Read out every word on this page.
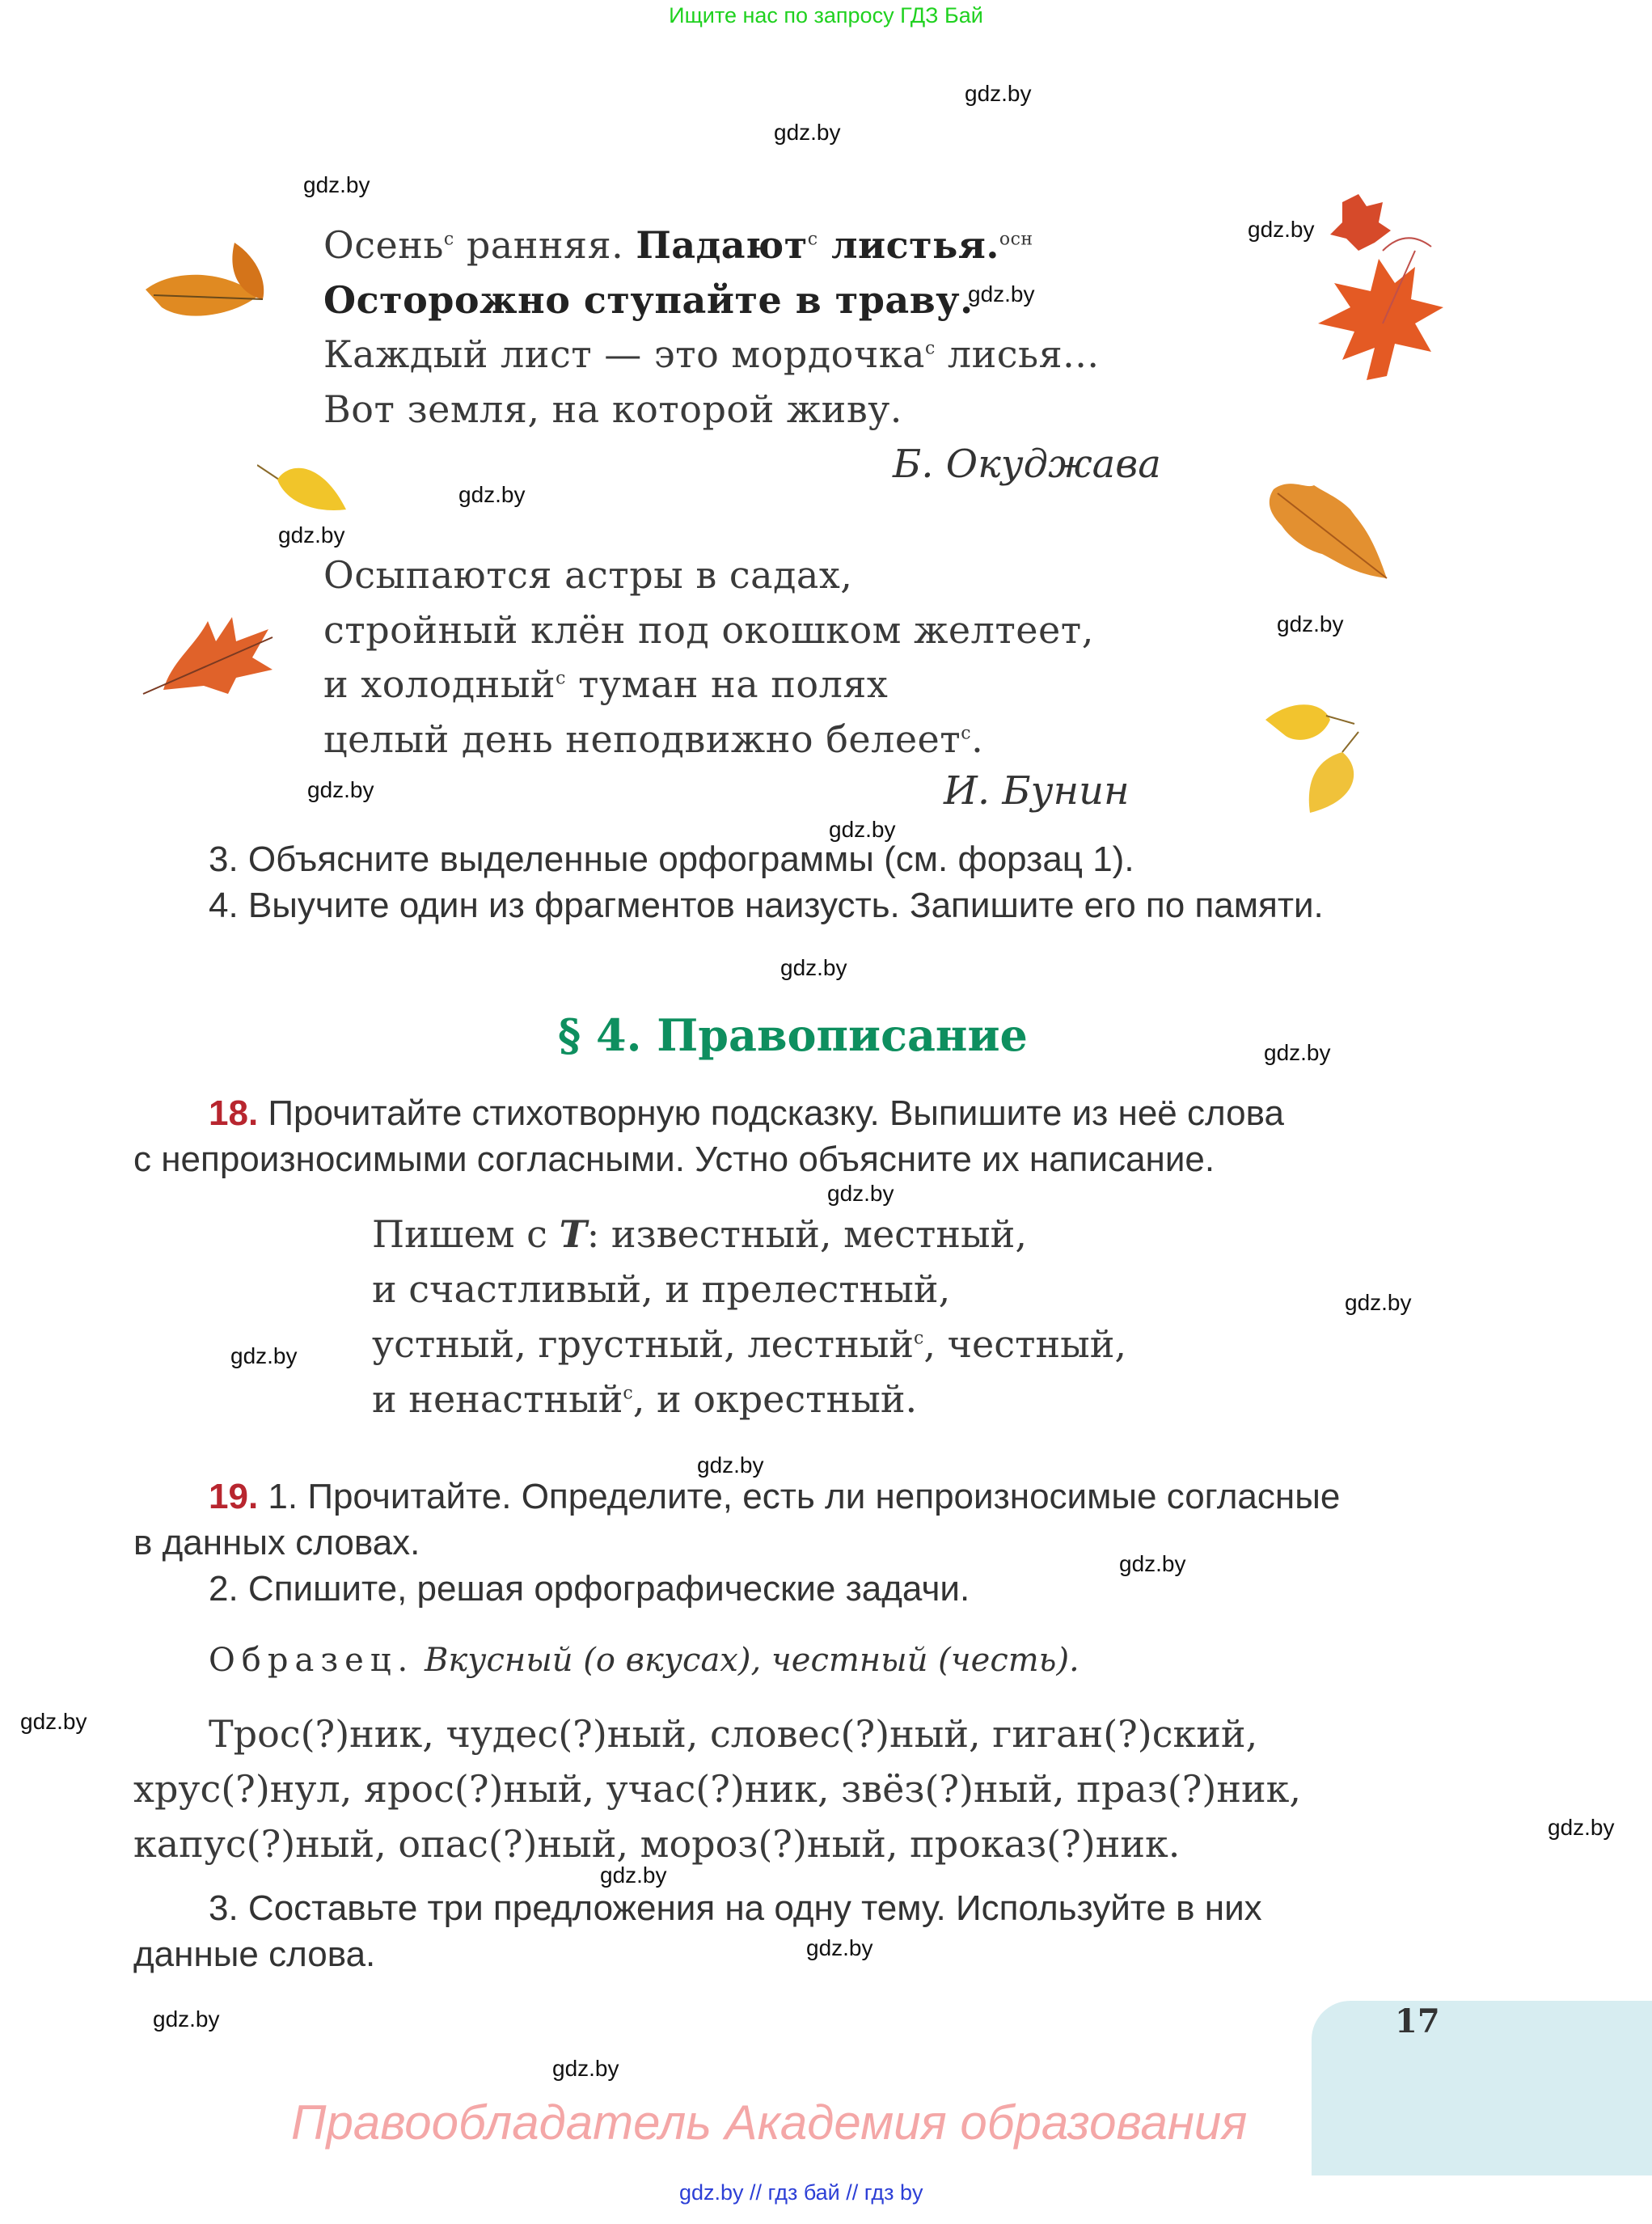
Ищите нас по запросу ГДЗ Бай
gdz.by
gdz.by
gdz.by
gdz.by
gdz.by
gdz.by
gdz.by
gdz.by
gdz.by
gdz.by
gdz.by
gdz.by
gdz.by
gdz.by
gdz.by
gdz.by
gdz.by
gdz.by
gdz.by
gdz.by
gdz.by
gdz.by
gdz.by
Осень$^с$ ранняя. Падают$^с$ листья.$^{осн}$
Осторожно ступайте в траву.
Каждый лист — это мордочка$^с$ лисья...
Вот земля, на которой живу.
Б. Окуджава
Осыпаются астры в садах,
стройный клён под окошком желтеет,
и холодный$^с$ туман на полях
целый день неподвижно белеет$^с$.
И. Бунин
3. Объясните выделенные орфограммы (см. форзац 1).
4. Выучите один из фрагментов наизусть. Запишите его по памяти.
§ 4. Правописание
18. Прочитайте стихотворную подсказку. Выпишите из неё слова
с непроизносимыми согласными. Устно объясните их написание.
Пишем с Т: известный, местный,
и счастливый, и прелестный,
устный, грустный, лестный$^с$, честный,
и ненастный$^с$, и окрестный.
19. 1. Прочитайте. Определите, есть ли непроизносимые согласные
в данных словах.
2. Спишите, решая орфографические задачи.
Образец. Вкусный (о вкусах), честный (честь).
Трос(?)ник, чудес(?)ный, словес(?)ный, гиган(?)ский,
хрус(?)нул, ярос(?)ный, учас(?)ник, звёз(?)ный, праз(?)ник,
капус(?)ный, опас(?)ный, мороз(?)ный, проказ(?)ник.
3. Составьте три предложения на одну тему. Используйте в них
данные слова.
17
Правообладатель Академия образования
gdz.by // гдз бай // гдз by
